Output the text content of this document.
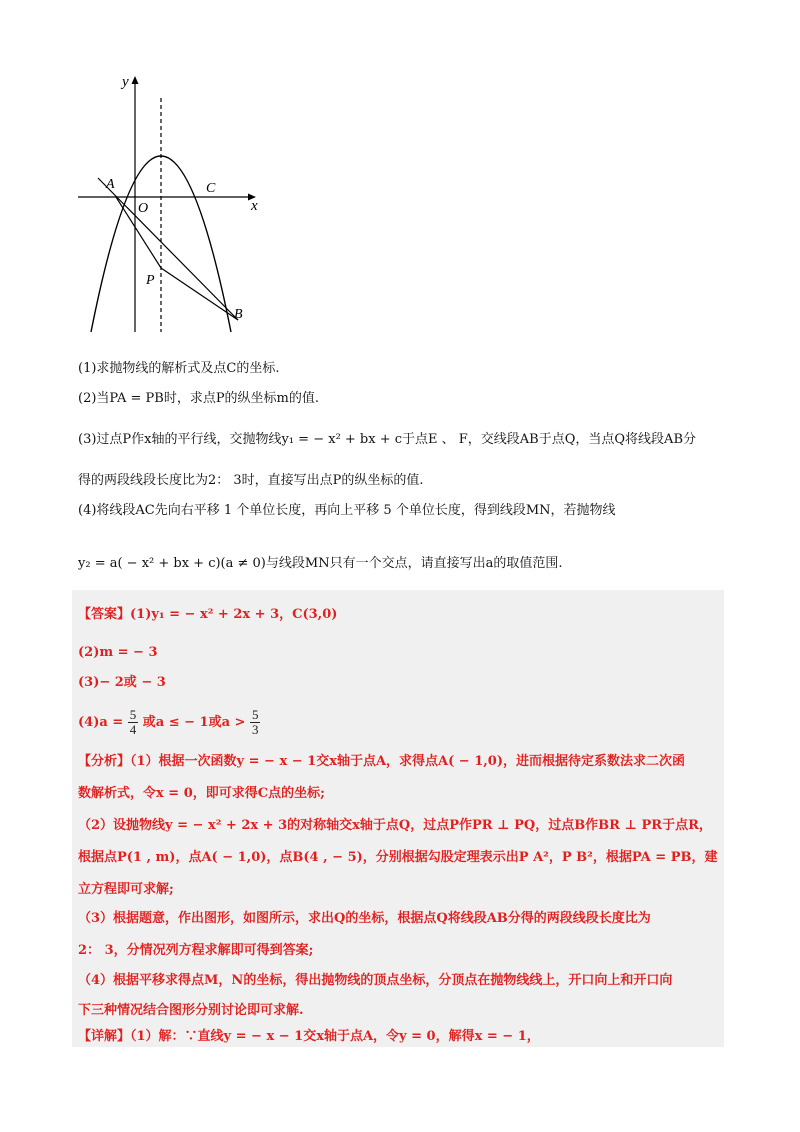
y
x
O
A	C
P
B
(1)求抛物线的解析式及点C的坐标.
(2)当PA = PB时，求点P的纵坐标m的值.
(3)过点P作x轴的平行线，交抛物线y₁ = − x² + bx + c于点E 、 F，交线段AB于点Q，当点Q将线段AB分
得的两段线段长度比为2： 3时，直接写出点P的纵坐标的值.
(4)将线段AC先向右平移 1 个单位长度，再向上平移 5 个单位长度，得到线段MN，若抛物线
y₂ = a( − x² + bx + c)(a ≠ 0)与线段MN只有一个交点，请直接写出a的取值范围.
【答案】(1)y₁ = − x² + 2x + 3，C(3,0)
(2)m = − 3
(3)− 2或 − 3
$(4)a = \frac{5}{4}$ 或a ≤ − 1或$a > \frac{5}{3}$
【分析】（1）根据一次函数y = − x − 1交x轴于点A，求得点A( − 1,0)，进而根据待定系数法求二次函
数解析式，令x = 0，即可求得C点的坐标;
（2）设抛物线y = − x² + 2x + 3的对称轴交x轴于点Q，过点P作PR ⊥ PQ，过点B作BR ⊥ PR于点R，
根据点P(1 , m)，点A( − 1,0)，点B(4 , − 5)，分别根据勾股定理表示出P A²，P B²，根据PA = PB，建
立方程即可求解;
（3）根据题意，作出图形，如图所示，求出Q的坐标，根据点Q将线段AB分得的两段线段长度比为
2： 3，分情况列方程求解即可得到答案;
（4）根据平移求得点M，N的坐标，得出抛物线的顶点坐标，分顶点在抛物线线上，开口向上和开口向
下三种情况结合图形分别讨论即可求解.
【详解】（1）解：∵直线y = − x − 1交x轴于点A，令y = 0，解得x = − 1，
